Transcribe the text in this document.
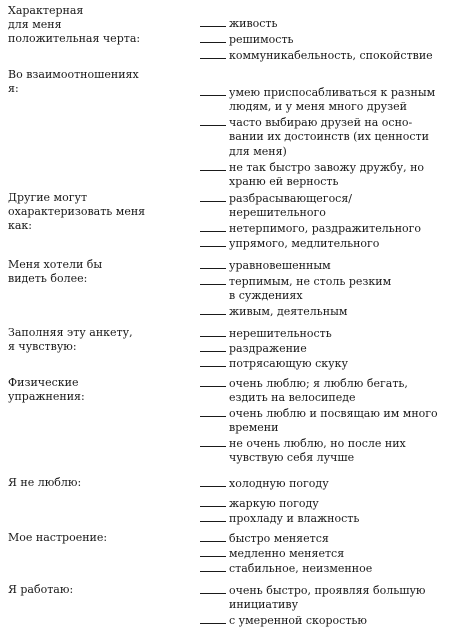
Характерная
для меня
положительная черта:
живость
решимость
коммуникабельность, спокойствие
Во взаимоотношениях
я:	умею приспосабливаться к разным
людям, и у меня много друзей
часто выбираю друзей на осно-
вании их достоинств (их ценности
для меня)
не так быстро завожу дружбу, но
храню ей верность
Другие могут
охарактеризовать меня
как:
разбрасывающегося/
нерешительного
нетерпимого, раздражительного
упрямого, медлительного
Меня хотели бы
видеть более:
уравновешенным
терпимым, не столь резким
в суждениях
живым, деятельным
Заполняя эту анкету,
я чувствую:
нерешительность
раздражение
потрясающую скуку
Физические
упражнения:
очень люблю; я люблю бегать,
ездить на велосипеде
очень люблю и посвящаю им много
времени
не очень люблю, но после них
чувствую себя лучше
Я не люблю:	холодную погоду
жаркую погоду
прохладу и влажность
Мое настроение:	быстро меняется
медленно меняется
стабильное, неизменное
Я работаю:	очень быстро, проявляя большую
инициативу
с умеренной скоростью
